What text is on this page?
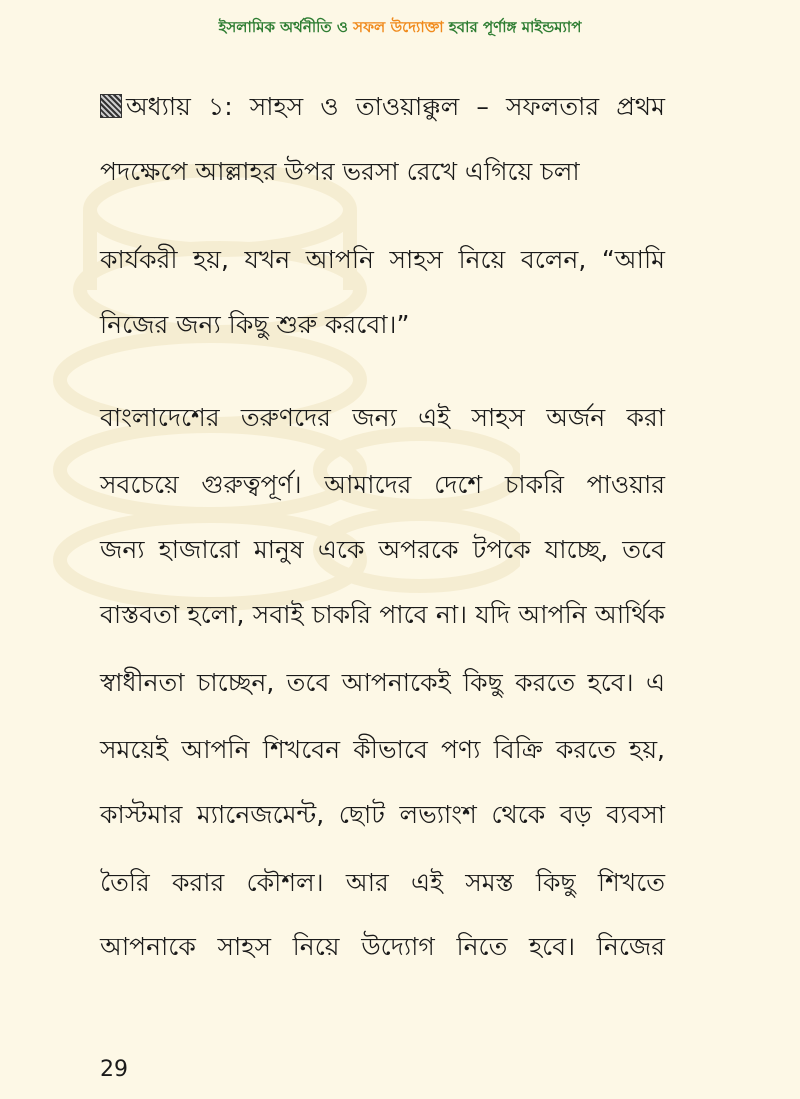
ইসলামিক অর্থনীতি ও সফল উদ্যোক্তা হবার পূর্ণাঙ্গ মাইন্ডম্যাপ
অধ্যায় ১: সাহস ও তাওয়াক্কুল – সফলতার প্রথম
পদক্ষেপে আল্লাহর উপর ভরসা রেখে এগিয়ে চলা
কার্যকরী হয়, যখন আপনি সাহস নিয়ে বলেন, “আমি
নিজের জন্য কিছু শুরু করবো।”
বাংলাদেশের তরুণদের জন্য এই সাহস অর্জন করা
সবচেয়ে গুরুত্বপূর্ণ। আমাদের দেশে চাকরি পাওয়ার
জন্য হাজারো মানুষ একে অপরকে টপকে যাচ্ছে, তবে
বাস্তবতা হলো, সবাই চাকরি পাবে না। যদি আপনি আর্থিক
স্বাধীনতা চাচ্ছেন, তবে আপনাকেই কিছু করতে হবে। এ
সময়েই আপনি শিখবেন কীভাবে পণ্য বিক্রি করতে হয়,
কাস্টমার ম্যানেজমেন্ট, ছোট লভ্যাংশ থেকে বড় ব্যবসা
তৈরি করার কৌশল। আর এই সমস্ত কিছু শিখতে
আপনাকে সাহস নিয়ে উদ্যোগ নিতে হবে। নিজের
29
